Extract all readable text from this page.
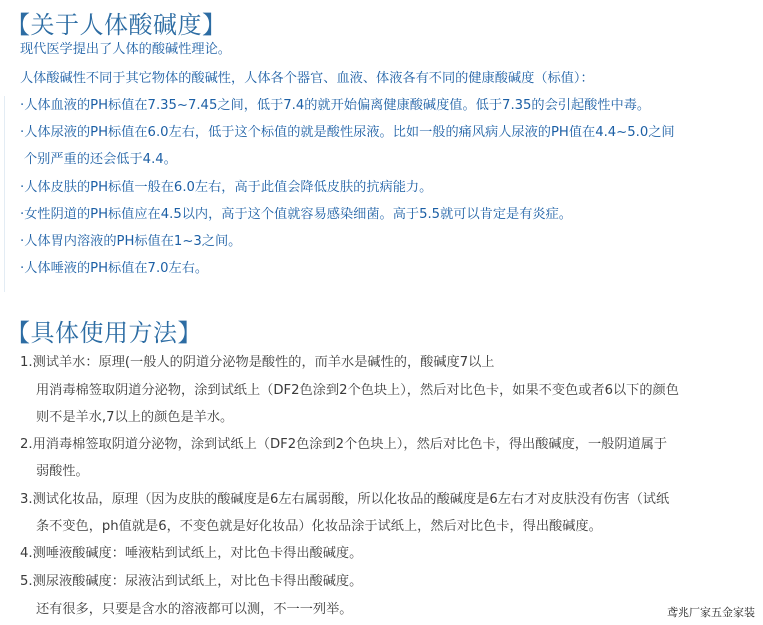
【关于人体酸碱度】
现代医学提出了人体的酸碱性理论。
人体酸碱性不同于其它物体的酸碱性，人体各个器官、血液、体液各有不同的健康酸碱度（标值）：
·人体血液的PH标值在7.35~7.45之间，低于7.4的就开始偏离健康酸碱度值。低于7.35的会引起酸性中毒。
·人体尿液的PH标值在6.0左右，低于这个标值的就是酸性尿液。比如一般的痛风病人尿液的PH值在4.4~5.0之间
个别严重的还会低于4.4。
·人体皮肤的PH标值一般在6.0左右，高于此值会降低皮肤的抗病能力。
·女性阴道的PH标值应在4.5以内，高于这个值就容易感染细菌。高于5.5就可以肯定是有炎症。
·人体胃内溶液的PH标值在1~3之间。
·人体唾液的PH标值在7.0左右。
【具体使用方法】
1.测试羊水：原理(一般人的阴道分泌物是酸性的，而羊水是碱性的，酸碱度7以上
用消毒棉签取阴道分泌物，涂到试纸上（DF2色涂到2个色块上），然后对比色卡，如果不变色或者6以下的颜色
则不是羊水,7以上的颜色是羊水。
2.用消毒棉签取阴道分泌物，涂到试纸上（DF2色涂到2个色块上），然后对比色卡，得出酸碱度，一般阴道属于
弱酸性。
3.测试化妆品，原理（因为皮肤的酸碱度是6左右属弱酸，所以化妆品的酸碱度是6左右才对皮肤没有伤害（试纸
条不变色，ph值就是6，不变色就是好化妆品）化妆品涂于试纸上，然后对比色卡，得出酸碱度。
4.测唾液酸碱度：唾液粘到试纸上，对比色卡得出酸碱度。
5.测尿液酸碱度：尿液沾到试纸上，对比色卡得出酸碱度。
还有很多，只要是含水的溶液都可以测，不一一列举。	鸢兆厂家五金家装
